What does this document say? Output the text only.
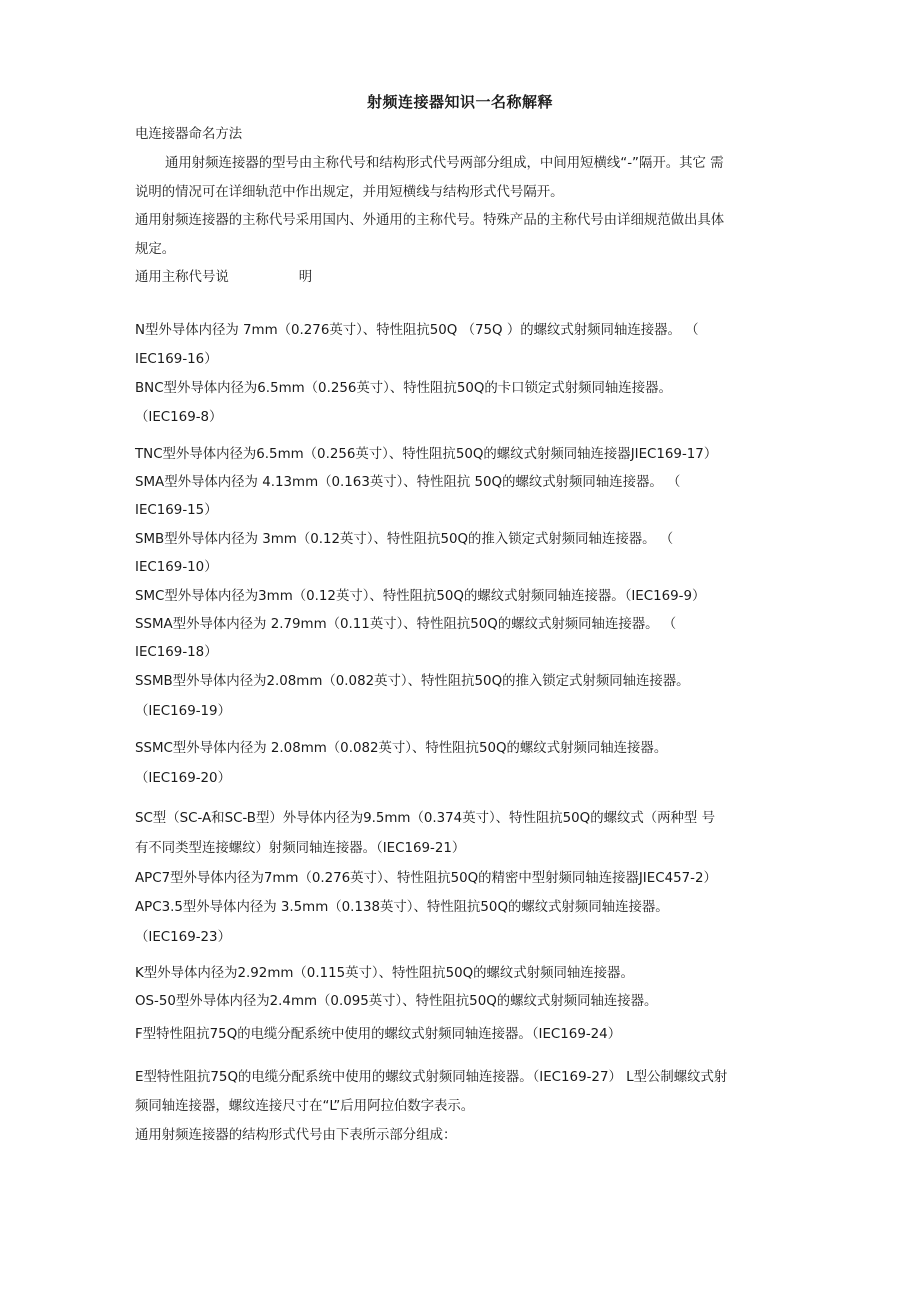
射频连接器知识一名称解释
电连接器命名方法
通用射频连接器的型号由主称代号和结构形式代号两部分组成，中间用短横线“-”隔开。其它 需
说明的情况可在详细轨范中作出规定，并用短横线与结构形式代号隔开。
通用射频连接器的主称代号采用国内、外通用的主称代号。特殊产品的主称代号由详细规范做出具体
规定。
通用主称代号说	明
N型外导体内径为 7mm（0.276英寸）、特性阻抗50Q （75Q ）的螺纹式射频同轴连接器。 （
IEC169-16）
BNC型外导体内径为6.5mm（0.256英寸）、特性阻抗50Q的卡口锁定式射频同轴连接器。
（IEC169-8）
TNC型外导体内径为6.5mm（0.256英寸）、特性阻抗50Q的螺纹式射频同轴连接器JIEC169-17）
SMA型外导体内径为 4.13mm（0.163英寸）、特性阻抗 50Q的螺纹式射频同轴连接器。 （
IEC169-15）
SMB型外导体内径为 3mm（0.12英寸）、特性阻抗50Q的推入锁定式射频同轴连接器。 （
IEC169-10）
SMC型外导体内径为3mm（0.12英寸）、特性阻抗50Q的螺纹式射频同轴连接器。（IEC169-9）
SSMA型外导体内径为 2.79mm（0.11英寸）、特性阻抗50Q的螺纹式射频同轴连接器。 （
IEC169-18）
SSMB型外导体内径为2.08mm（0.082英寸）、特性阻抗50Q的推入锁定式射频同轴连接器。
（IEC169-19）
SSMC型外导体内径为 2.08mm（0.082英寸）、特性阻抗50Q的螺纹式射频同轴连接器。
（IEC169-20）
SC型（SC-A和SC-B型）外导体内径为9.5mm（0.374英寸）、特性阻抗50Q的螺纹式（两种型 号
有不同类型连接螺纹）射频同轴连接器。（IEC169-21）
APC7型外导体内径为7mm（0.276英寸）、特性阻抗50Q的精密中型射频同轴连接器JIEC457-2）
APC3.5型外导体内径为 3.5mm（0.138英寸）、特性阻抗50Q的螺纹式射频同轴连接器。
（IEC169-23）
K型外导体内径为2.92mm（0.115英寸）、特性阻抗50Q的螺纹式射频同轴连接器。
OS-50型外导体内径为2.4mm（0.095英寸）、特性阻抗50Q的螺纹式射频同轴连接器。
F型特性阻抗75Q的电缆分配系统中使用的螺纹式射频同轴连接器。（IEC169-24）
E型特性阻抗75Q的电缆分配系统中使用的螺纹式射频同轴连接器。（IEC169-27） L型公制螺纹式射
频同轴连接器，螺纹连接尺寸在“L”后用阿拉伯数字表示。
通用射频连接器的结构形式代号由下表所示部分组成：
